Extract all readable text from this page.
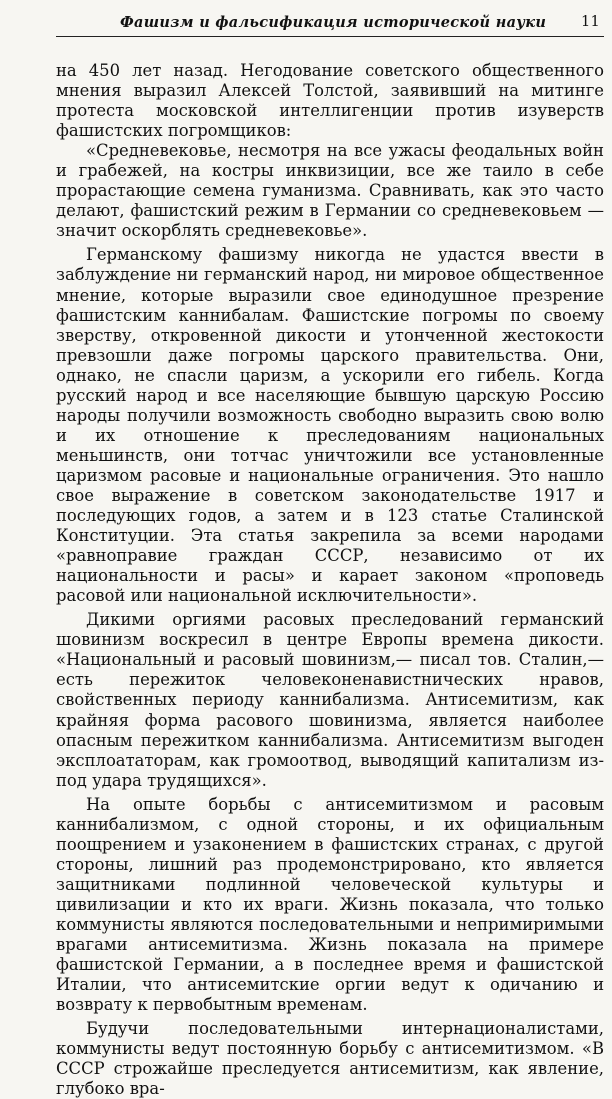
Фашизм и фальсификация исторической науки 11

на 450 лет назад. Негодование советского общественного мнения выразил Алексей Толстой, заявивший на митинге протеста московской интеллигенции против изуверств фашистских погромщиков:

«Средневековье, несмотря на все ужасы феодальных войн и грабежей, на костры инквизиции, все же таило в себе прорастающие семена гуманизма. Сравнивать, как это часто делают, фашистский режим в Германии со средневековьем — значит оскорблять средневековье».

Германскому фашизму никогда не удастся ввести в заблуждение ни германский народ, ни мировое общественное мнение, которые выразили свое единодушное презрение фашистским каннибалам. Фашистские погромы по своему зверству, откровенной дикости и утонченной жестокости превзошли даже погромы царского правительства. Они, однако, не спасли царизм, а ускорили его гибель. Когда русский народ и все населяющие бывшую царскую Россию народы получили возможность свободно выразить свою волю и их отношение к преследованиям национальных меньшинств, они тотчас уничтожили все установленные царизмом расовые и национальные ограничения. Это нашло свое выражение в советском законодательстве 1917 и последующих годов, а затем и в 123 статье Сталинской Конституции. Эта статья закрепила за всеми народами «равноправие граждан СССР, независимо от их национальности и расы» и карает законом «проповедь расовой или национальной исключительности».

Дикими оргиями расовых преследований германский шовинизм воскресил в центре Европы времена дикости. «Национальный и расовый шовинизм,— писал тов. Сталин,— есть пережиток человеконенавистнических нравов, свойственных периоду каннибализма. Антисемитизм, как крайняя форма расового шовинизма, является наиболее опасным пережитком каннибализма. Антисемитизм выгоден эксплоататорам, как громоотвод, выводящий капитализм из-под удара трудящихся».

На опыте борьбы с антисемитизмом и расовым каннибализмом, с одной стороны, и их официальным поощрением и узаконением в фашистских странах, с другой стороны, лишний раз продемонстрировано, кто является защитниками подлинной человеческой культуры и цивилизации и кто их враги. Жизнь показала, что только коммунисты являются последовательными и непримиримыми врагами антисемитизма. Жизнь показала на примере фашистской Германии, а в последнее время и фашистской Италии, что антисемитские оргии ведут к одичанию и возврату к первобытным временам.

Будучи последовательными интернационалистами, коммунисты ведут постоянную борьбу с антисемитизмом. «В СССР строжайше преследуется антисемитизм, как явление, глубоко вра-
